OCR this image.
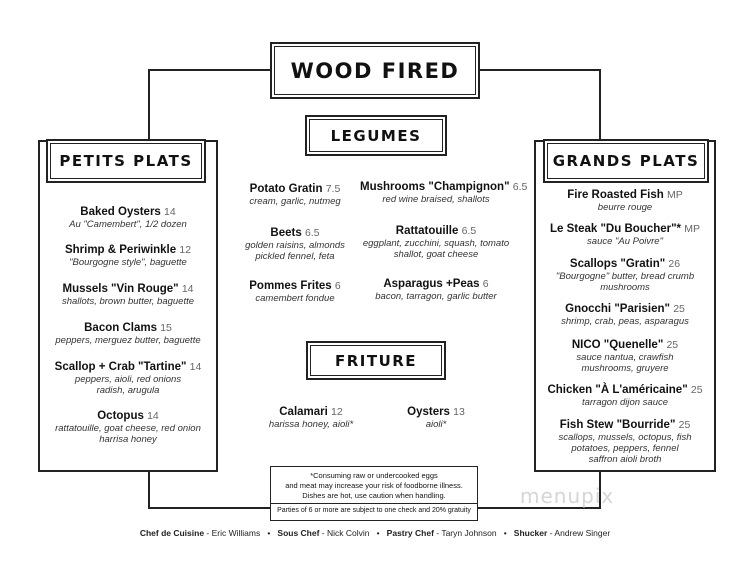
WOOD FIRED
LEGUMES
FRITURE
PETITS PLATS
Baked Oysters 14
Au "Camembert", 1/2 dozen
Shrimp & Periwinkle 12
"Bourgogne style", baguette
Mussels "Vin Rouge" 14
shallots, brown butter, baguette
Bacon Clams 15
peppers, merguez butter, baguette
Scallop + Crab "Tartine" 14
peppers, aioli, red onions
radish, arugula
Octopus 14
rattatouille, goat cheese, red onion
harrisa honey
Potato Gratin 7.5
cream, garlic, nutmeg
Beets 6.5
golden raisins, almonds
pickled fennel, feta
Pommes Frites 6
camembert fondue
Mushrooms "Champignon" 6.5
red wine braised, shallots
Rattatouille 6.5
eggplant, zucchini, squash, tomato
shallot, goat cheese
Asparagus +Peas 6
bacon, tarragon, garlic butter
Calamari 12
harissa honey, aioli*
Oysters 13
aioli*
GRANDS PLATS
Fire Roasted Fish MP
beurre rouge
Le Steak "Du Boucher"* MP
sauce "Au Poivre"
Scallops "Gratin" 26
"Bourgogne" butter, bread crumb
mushrooms
Gnocchi "Parisien" 25
shrimp, crab, peas, asparagus
NICO "Quenelle" 25
sauce nantua, crawfish
mushrooms, gruyere
Chicken "À L'américaine" 25
tarragon dijon sauce
Fish Stew "Bourride" 25
scallops, mussels, octopus, fish
potatoes, peppers, fennel
saffron aioli broth
*Consuming raw or undercooked eggs
and meat may increase your risk of foodborne illness.
Dishes are hot, use caution when handling.
Parties of 6 or more are subject to one check and 20% gratuity
menupix
Chef de Cuisine - Eric Williams   •   Sous Chef - Nick Colvin   •   Pastry Chef - Taryn Johnson   •   Shucker - Andrew Singer
